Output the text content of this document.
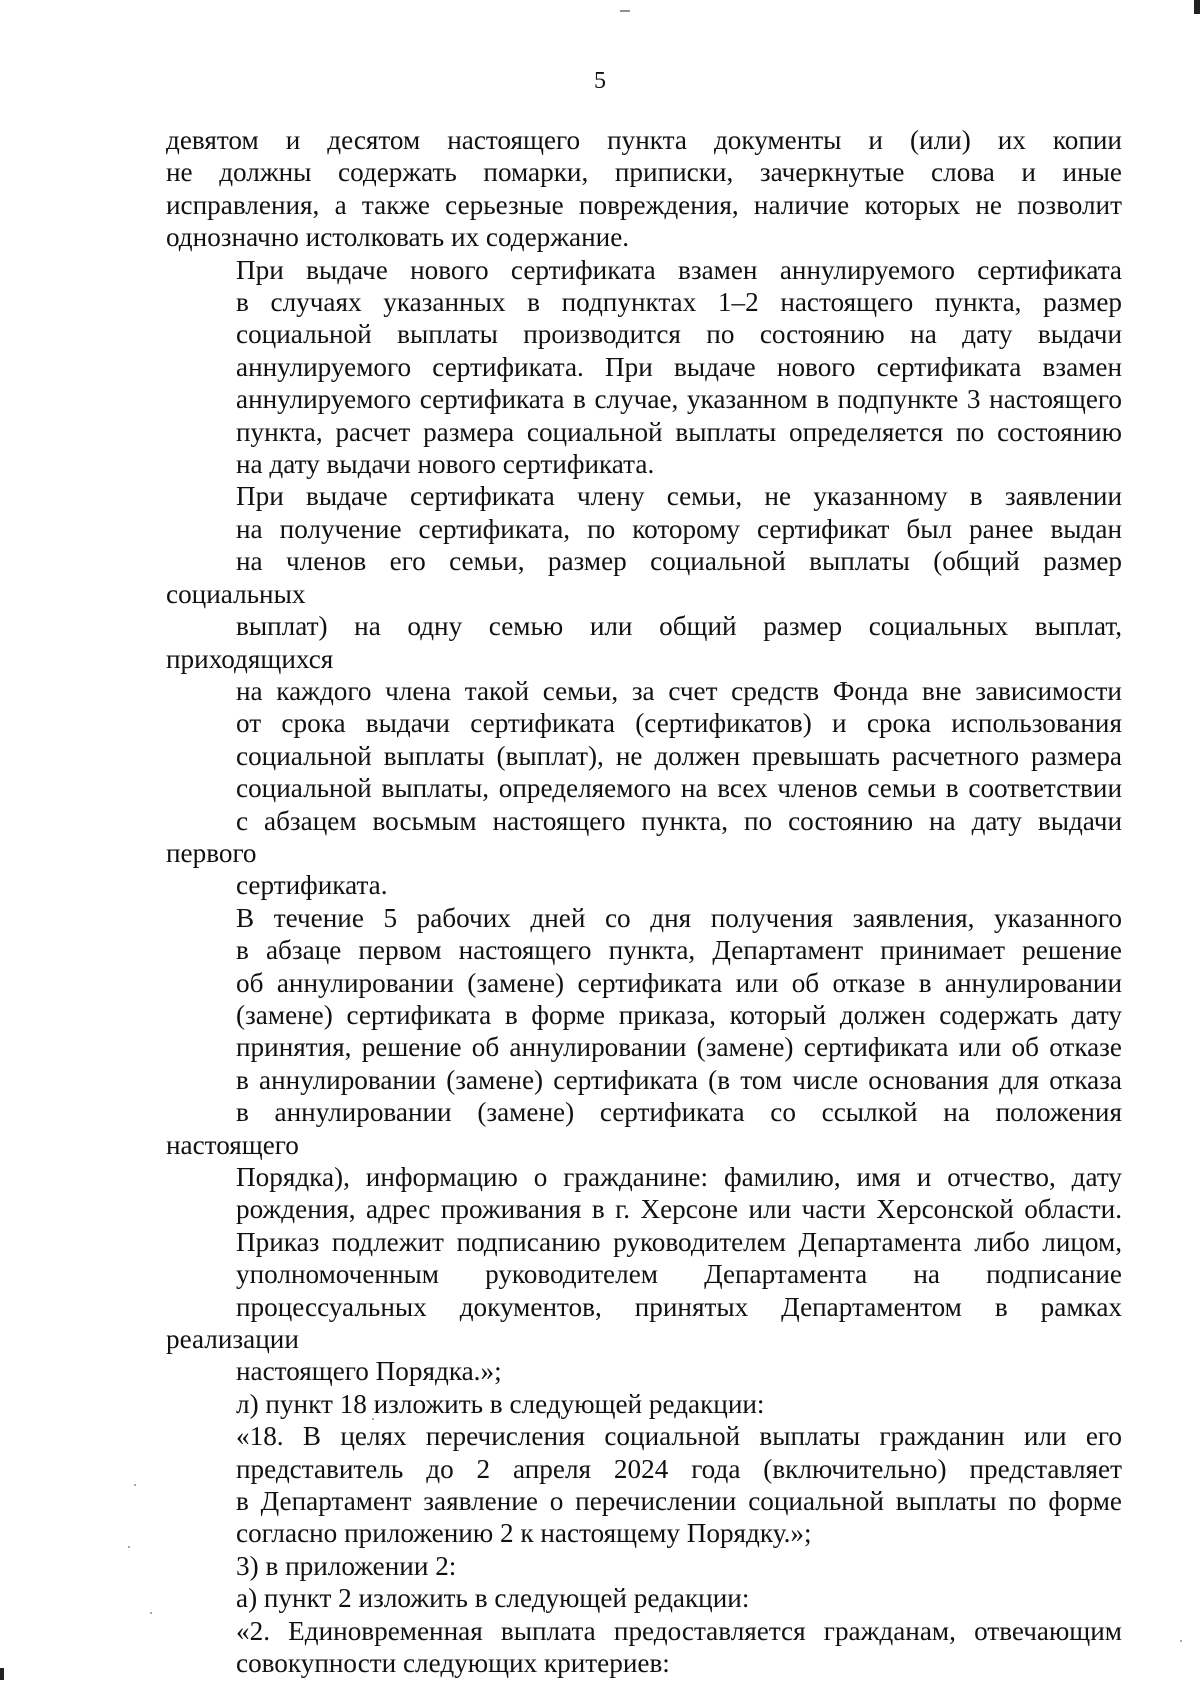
5
девятом и десятом настоящего пункта документы и (или) их копии
не должны содержать помарки, приписки, зачеркнутые слова и иные
исправления, а также серьезные повреждения, наличие которых не позволит
однозначно истолковать их содержание.
При выдаче нового сертификата взамен аннулируемого сертификата
в случаях указанных в подпунктах 1–2 настоящего пункта, размер
социальной выплаты производится по состоянию на дату выдачи
аннулируемого сертификата. При выдаче нового сертификата взамен
аннулируемого сертификата в случае, указанном в подпункте 3 настоящего
пункта, расчет размера социальной выплаты определяется по состоянию
на дату выдачи нового сертификата.
При выдаче сертификата члену семьи, не указанному в заявлении
на получение сертификата, по которому сертификат был ранее выдан
на членов его семьи, размер социальной выплаты (общий размер социальных
выплат) на одну семью или общий размер социальных выплат, приходящихся
на каждого члена такой семьи, за счет средств Фонда вне зависимости
от срока выдачи сертификата (сертификатов) и срока использования
социальной выплаты (выплат), не должен превышать расчетного размера
социальной выплаты, определяемого на всех членов семьи в соответствии
с абзацем восьмым настоящего пункта, по состоянию на дату выдачи первого
сертификата.
В течение 5 рабочих дней со дня получения заявления, указанного
в абзаце первом настоящего пункта, Департамент принимает решение
об аннулировании (замене) сертификата или об отказе в аннулировании
(замене) сертификата в форме приказа, который должен содержать дату
принятия, решение об аннулировании (замене) сертификата или об отказе
в аннулировании (замене) сертификата (в том числе основания для отказа
в аннулировании (замене) сертификата со ссылкой на положения настоящего
Порядка), информацию о гражданине: фамилию, имя и отчество, дату
рождения, адрес проживания в г. Херсоне или части Херсонской области.
Приказ подлежит подписанию руководителем Департамента либо лицом,
уполномоченным руководителем Департамента на подписание
процессуальных документов, принятых Департаментом в рамках реализации
настоящего Порядка.»;
л) пункт 18 изложить в следующей редакции:
«18. В целях перечисления социальной выплаты гражданин или его
представитель до 2 апреля 2024 года (включительно) представляет
в Департамент заявление о перечислении социальной выплаты по форме
согласно приложению 2 к настоящему Порядку.»;
3) в приложении 2:
а) пункт 2 изложить в следующей редакции:
«2. Единовременная выплата предоставляется гражданам, отвечающим
совокупности следующих критериев:
